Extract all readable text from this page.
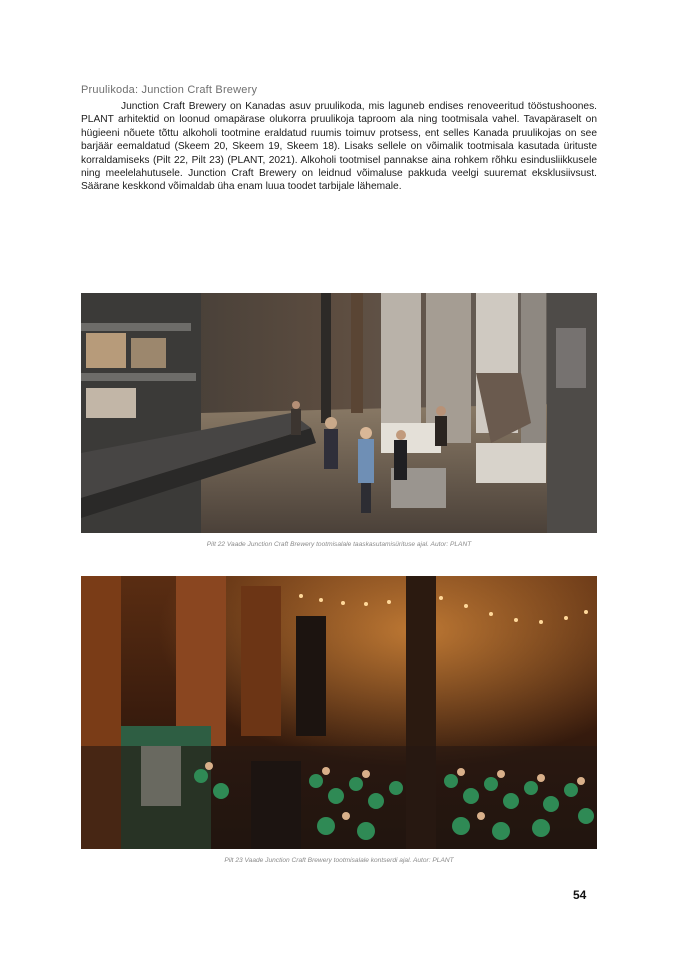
Pruulikoda: Junction Craft Brewery

Junction Craft Brewery on Kanadas asuv pruulikoda, mis laguneb endises renoveeritud tööstushoones. PLANT arhitektid on loonud omapärase olukorra pruulikoja taproom ala ning tootmisala vahel. Tavapäraselt on hügieeni nõuete tõttu alkoholi tootmine eraldatud ruumis toimuv protsess, ent selles Kanada pruulikojas on see barjäär eemaldatud (Skeem 20, Skeem 19, Skeem 18). Lisaks sellele on võimalik tootmisala kasutada ürituste korraldamiseks (Pilt 22, Pilt 23) (PLANT, 2021). Alkoholi tootmisel pannakse aina rohkem rõhku esindusliikkusele ning meelelahutusele. Junction Craft Brewery on leidnud võimaluse pakkuda veelgi suuremat eksklusiivsust. Säärane keskkond võimaldab üha enam luua toodet tarbijale lähemale.

Pilt 22 Vaade Junction Craft Brewery tootmisalale taaskasutamisürituse ajal. Autor: PLANT
Pilt 23 Vaade Junction Craft Brewery tootmisalale kontserdi ajal. Autor: PLANT
54
